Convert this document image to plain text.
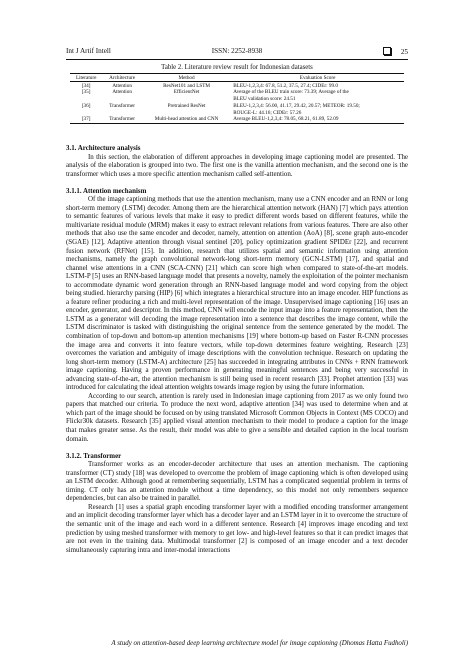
Int J Artif Intell	ISSN: 2252-8938	25
Table 2. Literature review result for Indonesian datasets
Literature	Architecture	Method	Evaluation Score
[34]	Attention	ResNet101 and LSTM	BLEU-1,2,3,4: 67.8, 51.2, 37.5, 27.4; CIDEr: 99.0
[35]	Attention	EfficientNet	Average of the BLEU train score: 73.39; Average of the
			BLEU validation score: 24.51
[36]	Transformer	Pretrained ResNet	BLEU-1,2,3,4: 56.00, 41.17, 29.42, 20.57; METEOR: 19.50;
			ROUGE-L: 44.16; CIDEr: 57.26
[37]	Transformer	Multi-head attention and CNN	Average BLEU-1,2,3,4: 78.05, 68.21, 61.89, 52.09
3.1. Architecture analysis

In this section, the elaboration of different approaches in developing image captioning model are presented. The analysis of the elaboration is grouped into two. The first one is the vanilla attention mechanism, and the second one is the transformer which uses a more specific attention mechanism called self-attention.

3.1.1. Attention mechanism

Of the image captioning methods that use the attention mechanism, many use a CNN encoder and an RNN or long short-term memory (LSTM) decoder. Among them are the hierarchical attention network (HAN) [7] which pays attention to semantic features of various levels that make it easy to predict different words based on different features, while the multivariate residual module (MRM) makes it easy to extract relevant relations from various features. There are also other methods that also use the same encoder and decoder, namely, attention on attention (AoA) [8], scene graph auto-encoder (SGAE) [12], Adaptive attention through visual sentinel [20], policy optimization gradient SPIDEr [22], and recurrent fusion network (RFNet) [15]. In addition, research that utilizes spatial and semantic information using attention mechanisms, namely the graph convolutional network-long short-term memory (GCN-LSTM) [17], and spatial and channel wise attentions in a CNN (SCA-CNN) [21] which can score high when compared to state-of-the-art models. LSTM-P [5] uses an RNN-based language model that presents a novelty, namely the exploitation of the pointer mechanism to accommodate dynamic word generation through an RNN-based language model and word copying from the object being studied. hierarchy parsing (HIP) [6] which integrates a hierarchical structure into an image encoder. HIP functions as a feature refiner producing a rich and multi-level representation of the image. Unsupervised image captioning [16] uses an encoder, generator, and descriptor. In this method, CNN will encode the input image into a feature representation, then the LSTM as a generator will decoding the image representation into a sentence that describes the image content, while the LSTM discriminator is tasked with distinguishing the original sentence from the sentence generated by the model. The combination of top-down and bottom-up attention mechanisms [19] where bottom-up based on Faster R-CNN processes the image area and converts it into feature vectors, while top-down determines feature weighting. Research [23] overcomes the variation and ambiguity of image descriptions with the convolution technique. Research on updating the long short-term memory (LSTM-A) architecture [25] has succeeded in integrating attributes in CNNs + RNN framework image captioning. Having a proven performance in generating meaningful sentences and being very successful in advancing state-of-the-art, the attention mechanism is still being used in recent research [33]. Prophet attention [33] was introduced for calculating the ideal attention weights towards image region by using the future information.

According to our search, attention is rarely used in Indonesian image captioning from 2017 as we only found two papers that matched our criteria. To produce the next word, adaptive attention [34] was used to determine when and at which part of the image should be focused on by using translated Microsoft Common Objects in Context (MS COCO) and Flickr30k datasets. Research [35] applied visual attention mechanism to their model to produce a caption for the image that makes greater sense. As the result, their model was able to give a sensible and detailed caption in the local tourism domain.

3.1.2. Transformer

Transformer works as an encoder-decoder architecture that uses an attention mechanism. The captioning transformer (CT) study [18] was developed to overcome the problem of image captioning which is often developed using an LSTM decoder. Although good at remembering sequentially, LSTM has a complicated sequential problem in terms of timing. CT only has an attention module without a time dependency, so this model not only remembers sequence dependencies, but can also be trained in parallel.

Research [1] uses a spatial graph encoding transformer layer with a modified encoding transformer arrangement and an implicit decoding transformer layer which has a decoder layer and an LSTM layer in it to overcome the structure of the semantic unit of the image and each word in a different sentence. Research [4] improves image encoding and text prediction by using meshed transformer with memory to get low- and high-level features so that it can predict images that are not even in the training data. Multimodal transformer [2] is composed of an image encoder and a text decoder simultaneously capturing intra and inter-modal interactions

A study on attention-based deep learning architecture model for image captioning (Dhomas Hatta Fudholi)
